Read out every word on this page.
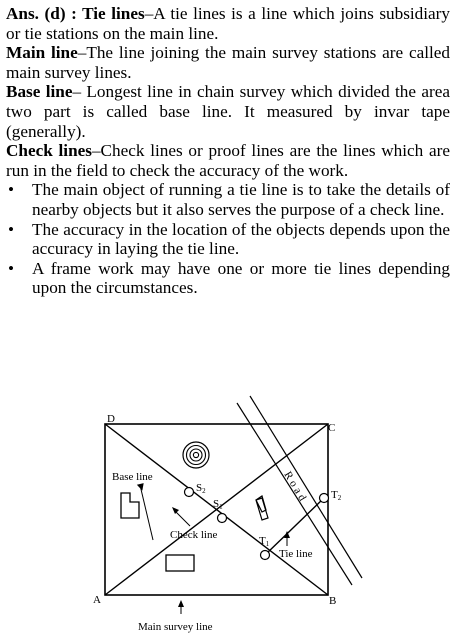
Ans. (d) : Tie lines–A tie lines is a line which joins subsidiary or tie stations on the main line.

Main line–The line joining the main survey stations are called main survey lines.

Base line– Longest line in chain survey which divided the area two part is called base line. It measured by invar tape (generally).

Check lines–Check lines or proof lines are the lines which are run in the field to check the accuracy of the work.

• The main object of running a tie line is to take the details of nearby objects but it also serves the purpose of a check line.
• The accuracy in the location of the objects depends upon the accuracy in laying the tie line.
• A frame work may have one or more tie lines depending upon the circumstances.
Road
S2
S1
T1
T2
D
C
A	B
Base line
Check line
Tie line
Main survey line
